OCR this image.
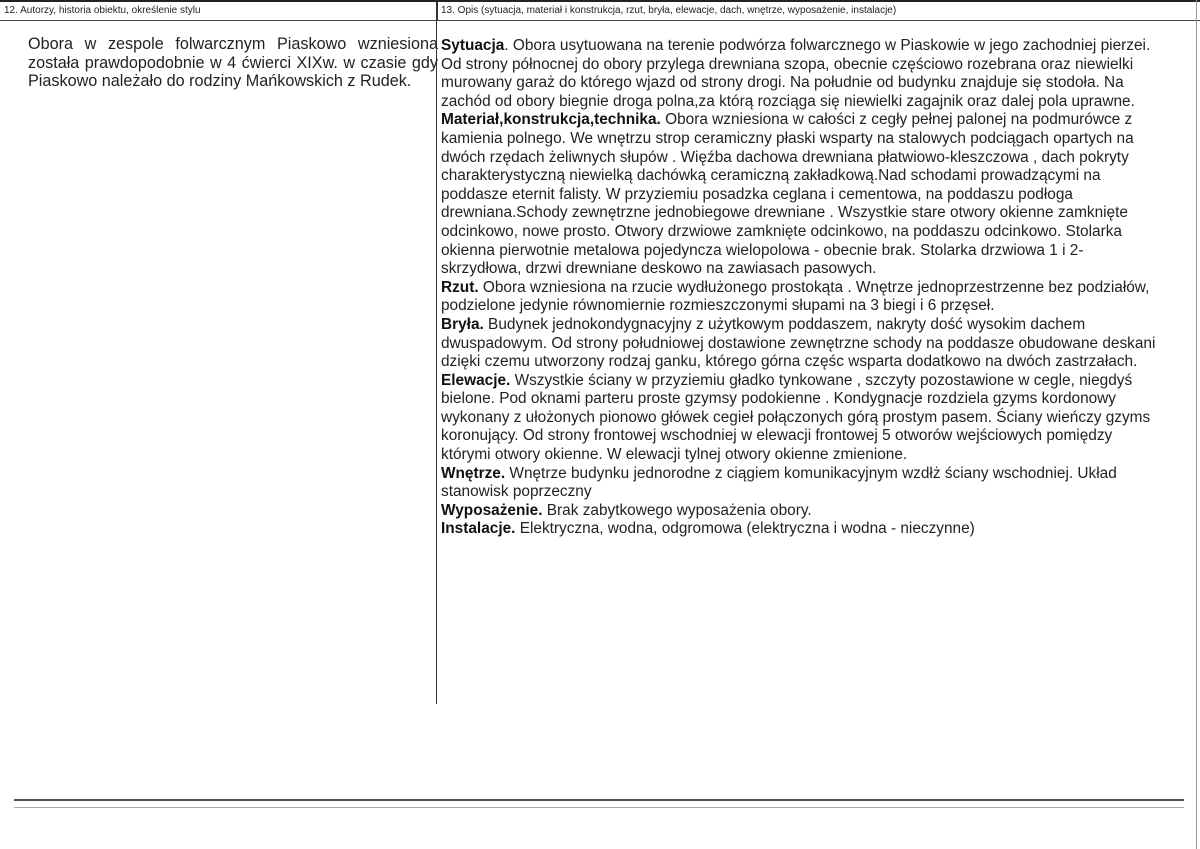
12. Autorzy, historia obiektu, określenie stylu	13. Opis (sytuacja, materiał i konstrukcja, rzut, bryła, elewacje, dach, wnętrze, wyposażenie, instalacje)
Obora w zespole folwarcznym Piaskowo wzniesiona została prawdopodobnie w 4 ćwierci XIXw. w czasie gdy Piaskowo należało do rodziny Mańkowskich z Rudek.

Sytuacja. Obora usytuowana na terenie podwórza folwarcznego w Piaskowie w jego zachodniej pierzei. Od strony północnej do obory przylega drewniana szopa, obecnie częściowo rozebrana oraz niewielki murowany garaż do którego wjazd od strony drogi. Na południe od budynku znajduje się stodoła. Na zachód od obory biegnie droga polna,za którą rozciąga się niewielki zagajnik oraz dalej pola uprawne.

Materiał,konstrukcja,technika. Obora wzniesiona w całości z cegły pełnej palonej na podmurówce z kamienia polnego. We wnętrzu strop ceramiczny płaski wsparty na stalowych podciągach opartych na dwóch rzędach żeliwnych słupów . Więźba dachowa drewniana płatwiowo-kleszczowa , dach pokryty charakterystyczną niewielką dachówką ceramiczną zakładkową.Nad schodami prowadzącymi na poddasze eternit falisty. W przyziemiu posadzka ceglana i cementowa, na poddaszu podłoga drewniana.Schody zewnętrzne jednobiegowe drewniane . Wszystkie stare otwory okienne zamknięte odcinkowo, nowe prosto. Otwory drzwiowe zamknięte odcinkowo, na poddaszu odcinkowo. Stolarka okienna pierwotnie metalowa pojedyncza wielopolowa - obecnie brak. Stolarka drzwiowa 1 i 2-skrzydłowa, drzwi drewniane deskowo na zawiasach pasowych.

Rzut. Obora wzniesiona na rzucie wydłużonego prostokąta . Wnętrze jednoprzestrzenne bez podziałów, podzielone jedynie równomiernie rozmieszczonymi słupami na 3 biegi i 6 przęseł.

Bryła. Budynek jednokondygnacyjny z użytkowym poddaszem, nakryty dość wysokim dachem dwuspadowym. Od strony południowej dostawione zewnętrzne schody na poddasze obudowane deskani dzięki czemu utworzony rodzaj ganku, którego górna częśc wsparta dodatkowo na dwóch zastrzałach.

Elewacje. Wszystkie ściany w przyziemiu gładko tynkowane , szczyty pozostawione w cegle, niegdyś bielone. Pod oknami parteru proste gzymsy podokienne . Kondygnacje rozdziela gzyms kordonowy wykonany z ułożonych pionowo główek cegieł połączonych górą prostym pasem. Ściany wieńczy gzyms koronujący. Od strony frontowej wschodniej w elewacji frontowej 5 otworów wejściowych pomiędzy którymi otwory okienne. W elewacji tylnej otwory okienne zmienione.

Wnętrze. Wnętrze budynku jednorodne z ciągiem komunikacyjnym wzdłż ściany wschodniej. Układ stanowisk poprzeczny

Wyposażenie. Brak zabytkowego wyposażenia obory.

Instalacje. Elektryczna, wodna, odgromowa (elektryczna i wodna - nieczynne)
